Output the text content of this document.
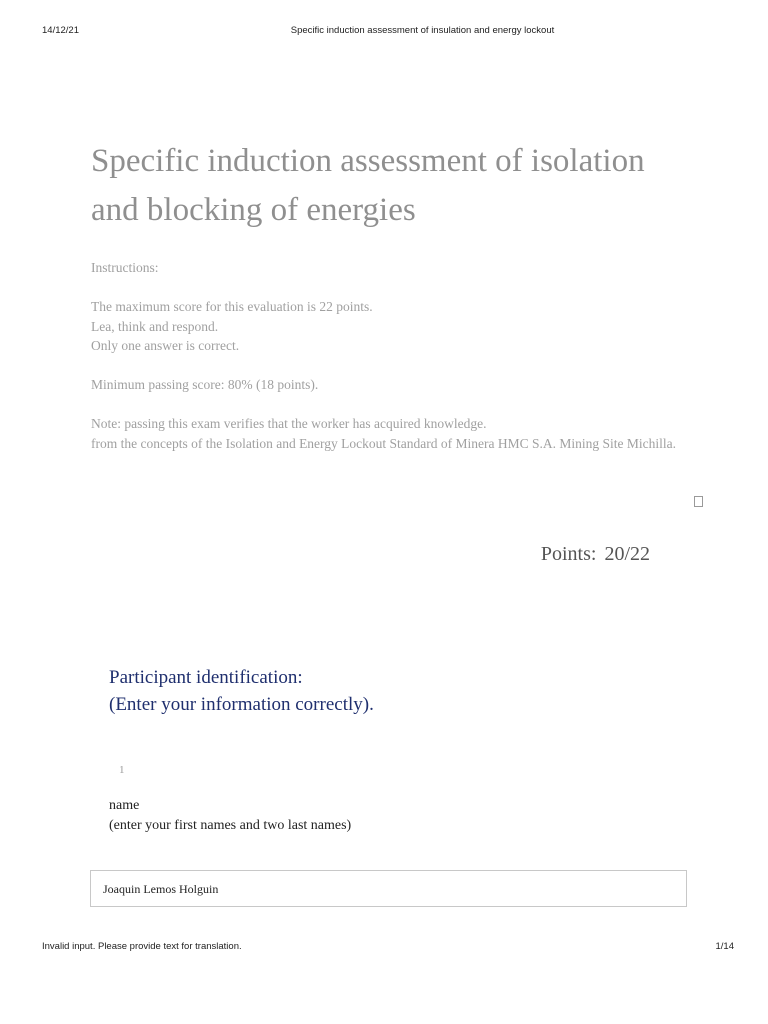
14/12/21	Specific induction assessment of insulation and energy lockout
Specific induction assessment of isolation and blocking of energies

Instructions:

The maximum score for this evaluation is 22 points.

Lea, think and respond.

Only one answer is correct.

Minimum passing score: 80% (18 points).

Note: passing this exam verifies that the worker has acquired knowledge.

from the concepts of the Isolation and Energy Lockout Standard of Minera HMC S.A. Mining Site Michilla.

Points: 20/22
Participant identification:
(Enter your information correctly).
1
name
(enter your first names and two last names)
Joaquin Lemos Holguin
Invalid input. Please provide text for translation.	1/14
